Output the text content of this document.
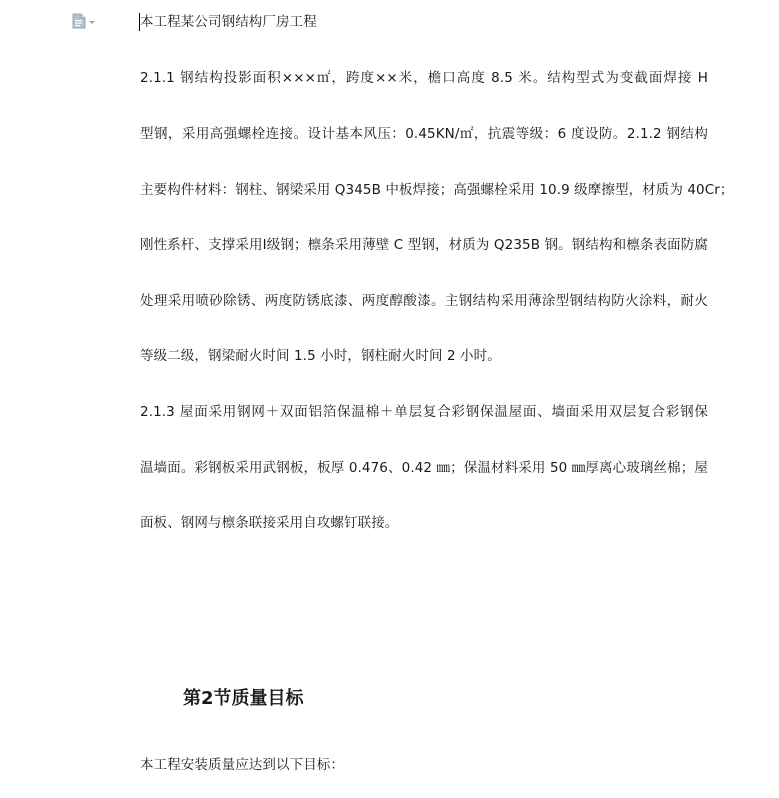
本工程某公司钢结构厂房工程
2.1.1 钢结构投影面积×××㎡，跨度××米，檐口高度 8.5 米。结构型式为变截面焊接 H
型钢，采用高强螺栓连接。设计基本风压：0.45KN/㎡，抗震等级：6 度设防。2.1.2 钢结构
主要构件材料：钢柱、钢梁采用 Q345B 中板焊接；高强螺栓采用 10.9 级摩擦型，材质为 40Cr；
刚性系杆、支撑采用Ⅰ级钢；檩条采用薄壁 C 型钢，材质为 Q235B 钢。钢结构和檩条表面防腐
处理采用喷砂除锈、两度防锈底漆、两度醇酸漆。主钢结构采用薄涂型钢结构防火涂料，耐火
等级二级，钢梁耐火时间 1.5 小时，钢柱耐火时间 2 小时。
2.1.3 屋面采用钢网＋双面铝箔保温棉＋单层复合彩钢保温屋面、墙面采用双层复合彩钢保
温墙面。彩钢板采用武钢板，板厚 0.476、0.42 ㎜；保温材料采用 50 ㎜厚离心玻璃丝棉；屋
面板、钢网与檩条联接采用自攻螺钉联接。
本工程安装质量应达到以下目标：
第2节质量目标
